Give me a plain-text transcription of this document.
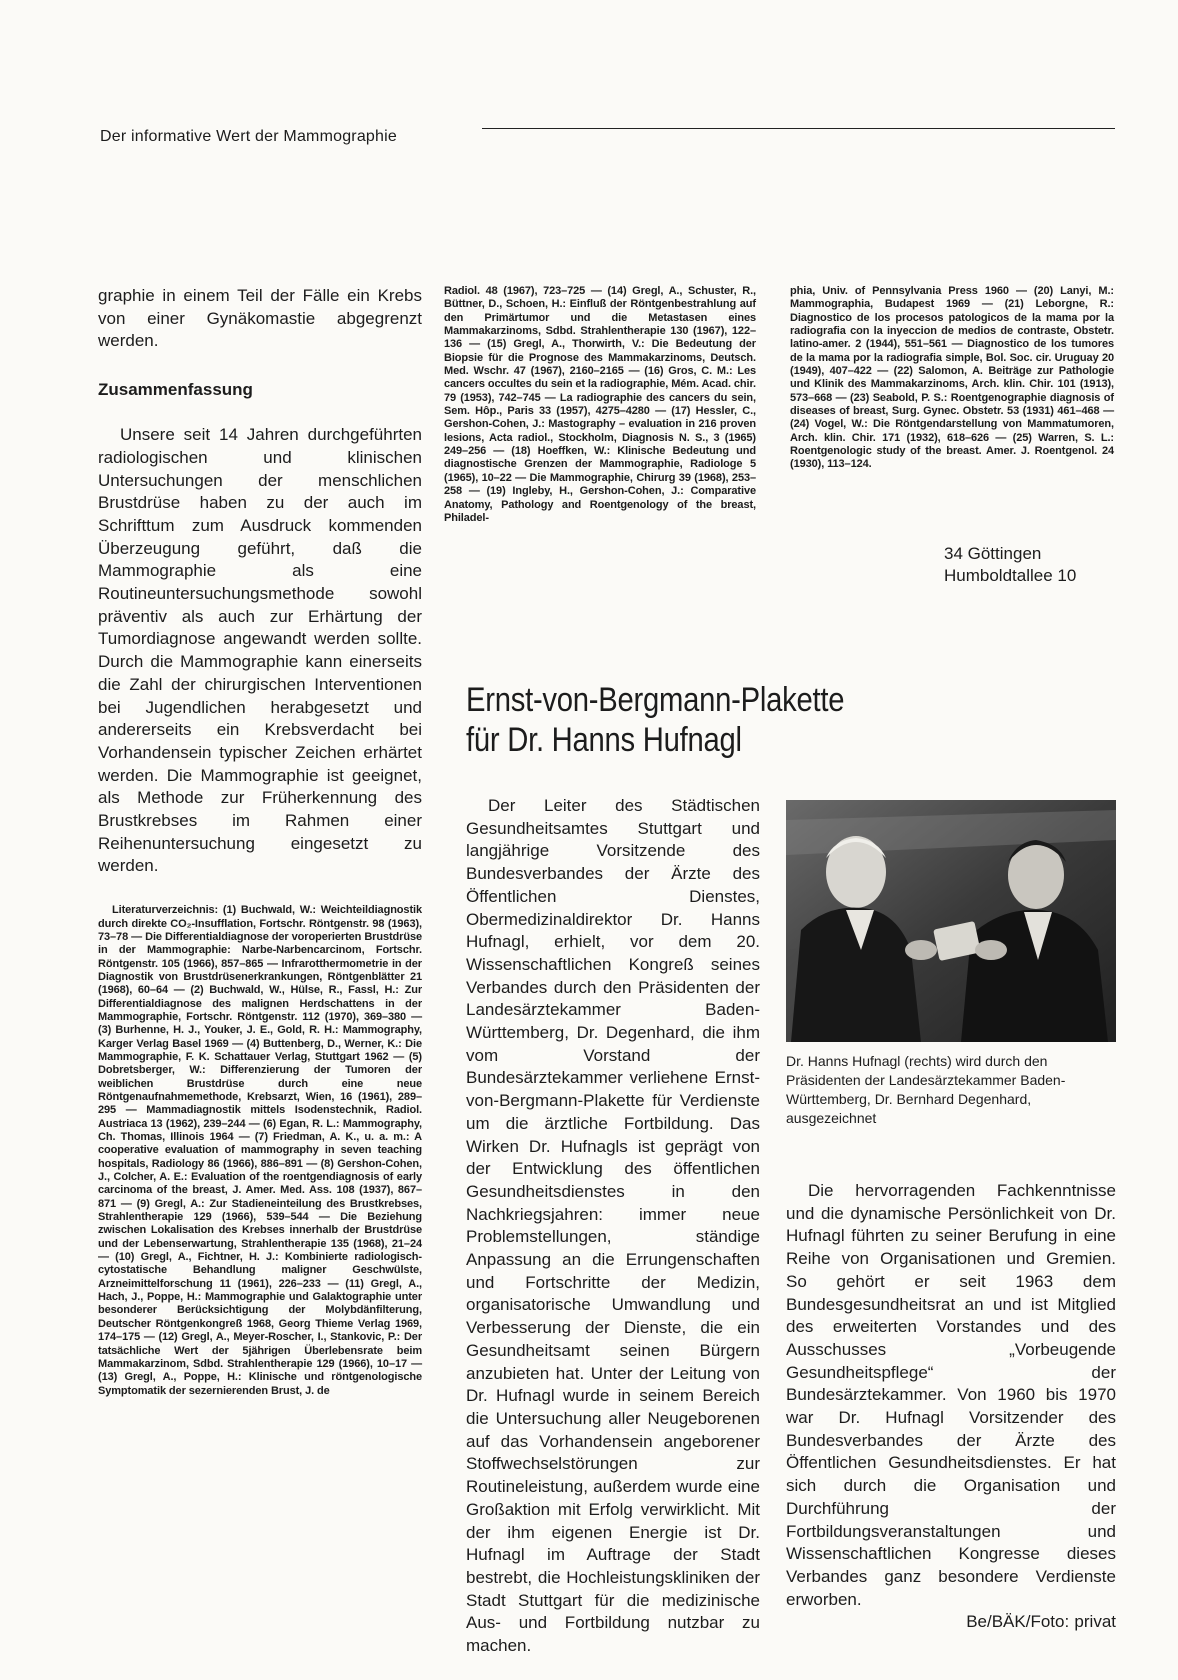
Der informative Wert der Mammographie

graphie in einem Teil der Fälle ein Krebs von einer Gynäkomastie abgegrenzt werden.

Zusammenfassung

Unsere seit 14 Jahren durchgeführten radiologischen und klinischen Untersuchungen der menschlichen Brustdrüse haben zu der auch im Schrifttum zum Ausdruck kommenden Überzeugung geführt, daß die Mammographie als eine Routineuntersuchungsmethode sowohl präventiv als auch zur Erhärtung der Tumordiagnose angewandt werden sollte. Durch die Mammographie kann einerseits die Zahl der chirurgischen Interventionen bei Jugendlichen herabgesetzt und andererseits ein Krebsverdacht bei Vorhandensein typischer Zeichen erhärtet werden. Die Mammographie ist geeignet, als Methode zur Früherkennung des Brustkrebses im Rahmen einer Reihenuntersuchung eingesetzt zu werden.

Literaturverzeichnis: (1) Buchwald, W.: Weichteildiagnostik durch direkte CO₂-Insufflation, Fortschr. Röntgenstr. 98 (1963), 73–78 — Die Differentialdiagnose der voroperierten Brustdrüse in der Mammographie: Narbe-Narbencarcinom, Fortschr. Röntgenstr. 105 (1966), 857–865 — Infrarotthermometrie in der Diagnostik von Brustdrüsenerkrankungen, Röntgenblätter 21 (1968), 60–64 — (2) Buchwald, W., Hülse, R., Fassl, H.: Zur Differentialdiagnose des malignen Herdschattens in der Mammographie, Fortschr. Röntgenstr. 112 (1970), 369–380 — (3) Burhenne, H. J., Youker, J. E., Gold, R. H.: Mammography, Karger Verlag Basel 1969 — (4) Buttenberg, D., Werner, K.: Die Mammographie, F. K. Schattauer Verlag, Stuttgart 1962 — (5) Dobretsberger, W.: Differenzierung der Tumoren der weiblichen Brustdrüse durch eine neue Röntgenaufnahmemethode, Krebsarzt, Wien, 16 (1961), 289–295 — Mammadiagnostik mittels Isodenstechnik, Radiol. Austriaca 13 (1962), 239–244 — (6) Egan, R. L.: Mammography, Ch. Thomas, Illinois 1964 — (7) Friedman, A. K., u. a. m.: A cooperative evaluation of mammography in seven teaching hospitals, Radiology 86 (1966), 886–891 — (8) Gershon-Cohen, J., Colcher, A. E.: Evaluation of the roentgendiagnosis of early carcinoma of the breast, J. Amer. Med. Ass. 108 (1937), 867–871 — (9) Gregl, A.: Zur Stadieneinteilung des Brustkrebses, Strahlentherapie 129 (1966), 539–544 — Die Beziehung zwischen Lokalisation des Krebses innerhalb der Brustdrüse und der Lebenserwartung, Strahlentherapie 135 (1968), 21–24 — (10) Gregl, A., Fichtner, H. J.: Kombinierte radiologisch-cytostatische Behandlung maligner Geschwülste, Arzneimittelforschung 11 (1961), 226–233 — (11) Gregl, A., Hach, J., Poppe, H.: Mammographie und Galaktographie unter besonderer Berücksichtigung der Molybdänfilterung, Deutscher Röntgenkongreß 1968, Georg Thieme Verlag 1969, 174–175 — (12) Gregl, A., Meyer-Roscher, I., Stankovic, P.: Der tatsächliche Wert der 5jährigen Überlebensrate beim Mammakarzinom, Sdbd. Strahlentherapie 129 (1966), 10–17 — (13) Gregl, A., Poppe, H.: Klinische und röntgenologische Symptomatik der sezernierenden Brust, J. de
Radiol. 48 (1967), 723–725 — (14) Gregl, A., Schuster, R., Büttner, D., Schoen, H.: Einfluß der Röntgenbestrahlung auf den Primärtumor und die Metastasen eines Mammakarzinoms, Sdbd. Strahlentherapie 130 (1967), 122–136 — (15) Gregl, A., Thorwirth, V.: Die Bedeutung der Biopsie für die Prognose des Mammakarzinoms, Deutsch. Med. Wschr. 47 (1967), 2160–2165 — (16) Gros, C. M.: Les cancers occultes du sein et la radiographie, Mém. Acad. chir. 79 (1953), 742–745 — La radiographie des cancers du sein, Sem. Hôp., Paris 33 (1957), 4275–4280 — (17) Hessler, C., Gershon-Cohen, J.: Mastography – evaluation in 216 proven lesions, Acta radiol., Stockholm, Diagnosis N. S., 3 (1965) 249–256 — (18) Hoeffken, W.: Klinische Bedeutung und diagnostische Grenzen der Mammographie, Radiologe 5 (1965), 10–22 — Die Mammographie, Chirurg 39 (1968), 253–258 — (19) Ingleby, H., Gershon-Cohen, J.: Comparative Anatomy, Pathology and Roentgenology of the breast, Philadel-
phia, Univ. of Pennsylvania Press 1960 — (20) Lanyi, M.: Mammographia, Budapest 1969 — (21) Leborgne, R.: Diagnostico de los procesos patologicos de la mama por la radiografia con la inyeccion de medios de contraste, Obstetr. latino-amer. 2 (1944), 551–561 — Diagnostico de los tumores de la mama por la radiografia simple, Bol. Soc. cir. Uruguay 20 (1949), 407–422 — (22) Salomon, A. Beiträge zur Pathologie und Klinik des Mammakarzinoms, Arch. klin. Chir. 101 (1913), 573–668 — (23) Seabold, P. S.: Roentgenographie diagnosis of diseases of breast, Surg. Gynec. Obstetr. 53 (1931) 461–468 — (24) Vogel, W.: Die Röntgendarstellung von Mammatumoren, Arch. klin. Chir. 171 (1932), 618–626 — (25) Warren, S. L.: Roentgenologic study of the breast. Amer. J. Roentgenol. 24 (1930), 113–124.
34 Göttingen
Humboldtallee 10
Ernst-von-Bergmann-Plakette
für Dr. Hanns Hufnagl

Der Leiter des Städtischen Gesundheitsamtes Stuttgart und langjährige Vorsitzende des Bundesverbandes der Ärzte des Öffentlichen Dienstes, Obermedizinaldirektor Dr. Hanns Hufnagl, erhielt, vor dem 20. Wissenschaftlichen Kongreß seines Verbandes durch den Präsidenten der Landesärztekammer Baden-Württemberg, Dr. Degenhard, die ihm vom Vorstand der Bundesärztekammer verliehene Ernst-von-Bergmann-Plakette für Verdienste um die ärztliche Fortbildung. Das Wirken Dr. Hufnagls ist geprägt von der Entwicklung des öffentlichen Gesundheitsdienstes in den Nachkriegsjahren: immer neue Problemstellungen, ständige Anpassung an die Errungenschaften und Fortschritte der Medizin, organisatorische Umwandlung und Verbesserung der Dienste, die ein Gesundheitsamt seinen Bürgern anzubieten hat. Unter der Leitung von Dr. Hufnagl wurde in seinem Bereich die Untersuchung aller Neugeborenen auf das Vorhandensein angeborener Stoffwechselstörungen zur Routineleistung, außerdem wurde eine Großaktion mit Erfolg verwirklicht. Mit der ihm eigenen Energie ist Dr. Hufnagl im Auftrage der Stadt bestrebt, die Hochleistungskliniken der Stadt Stuttgart für die medizinische Aus- und Fortbildung nutzbar zu machen.

Dr. Hanns Hufnagl (rechts) wird durch den Präsidenten der Landesärztekammer Baden-Württemberg, Dr. Bernhard Degenhard, ausgezeichnet

Die hervorragenden Fachkenntnisse und die dynamische Persönlichkeit von Dr. Hufnagl führten zu seiner Berufung in eine Reihe von Organisationen und Gremien. So gehört er seit 1963 dem Bundesgesundheitsrat an und ist Mitglied des erweiterten Vorstandes und des Ausschusses „Vorbeugende Gesundheitspflege“ der Bundesärztekammer. Von 1960 bis 1970 war Dr. Hufnagl Vorsitzender des Bundesverbandes der Ärzte des Öffentlichen Gesundheitsdienstes. Er hat sich durch die Organisation und Durchführung der Fortbildungsveranstaltungen und Wissenschaftlichen Kongresse dieses Verbandes ganz besondere Verdienste erworben.

Be/BÄK/Foto: privat
